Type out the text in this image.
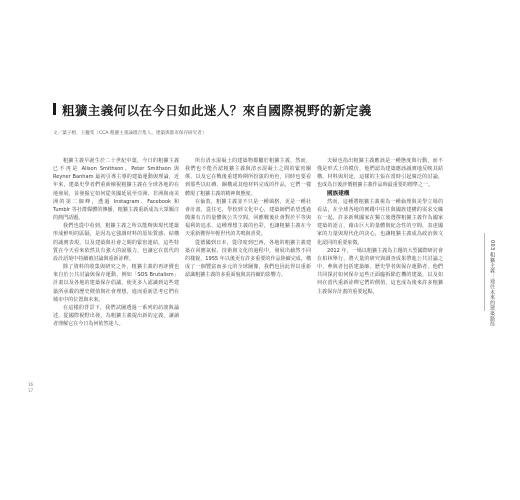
粗獷主義何以在今日如此迷人？來自國際視野的新定義
文／葉子榕、王儷雯（CCA 粗獷主義論壇召集人、建築與都市保存研究者）

粗獷主義早誕生於二十世紀中葉，今日的粗獷主義已不再是 Alison Smithson、Peter Smithson 與 Reyner Banham 最初引導主導的建築運動與理論，近年來，建築史學者們重新檢視粗獷主義在全球各地的在地發展，並發掘它如何從英國延展至亞洲、非洲與南美洲的第二個峰，透過 Instagram、Facebook 和 Tumblr 等社群媒體的傳播，粗獷主義重新成為大眾關注的熱門話題。

我們也從中看到，粗獷主義之所以能夠與現代建築形成鮮明的區隔，是因為它強調材料的原始質感、結構的誠實表現，以及建築與社會之間的緊密連結，這些特質在今天看來依然具有強大的說服力，也讓它在當代的設計語境中持續被討論與重新詮釋。

除了資料的收集與研究之外，粗獷主義的再評價也來自於公共討論與保存運動，例如「SOS Brutalism」計畫以及各地的建築保存倡議，使更多人認識到這些建築所承載的歷史價值與社會理想，進而重新思考它們在城市中的位置與未來。

在這樣的背景下，我們試圖透過一系列的訪談與論述，從國際視野出發，為粗獷主義提出新的定義，讓讀者理解它在今日為何依然迷人。

所有清水混凝土的建築物都屬於粗獷主義，然而，我們也不能否認粗獷主義與清水混凝土之間的緊密關係，以及它在戰後重建時期所扮演的角色，同時也要看到那些以紅磚、鋼構或其他材料完成的作品，它們一樣體現了粗獷主義的精神與態度。

在倫敦，粗獷主義並不只是一種風格，更是一種社會計畫，從住宅、學校到文化中心，建築師們希望透過簡潔有力的量體與公共空間，回應戰後社會對於平等與福利的追求，這種理想主義的色彩，也讓粗獷主義在今天重新獲得年輕世代的共鳴與喜愛。

從德國到日本，從印度到巴西，各地的粗獷主義建築在回應氣候、技術與文化的過程中，發展出截然不同的樣貌，1955 年以後更有許多重要的作品陸續完成，構成了一個豐富而多元的全球圖像，我們也因此得以重新認識粗獷主義的多重面貌與其持續的影響力。

夫婦也指出粗獷主義應該是一種態度與行動，而不僅是形式上的模仿，他們認為建築應該誠實地反映其結構、材料與用途，這樣的主張在當時引起廣泛的討論，也成為日後評價粗獷主義作品時最重要的標準之一。

國族建構

然而，這種將粗獷主義視為一種倫理與美學立場的看法，在全球各地的實踐中往往與國族建構的需求交織在一起，許多新興國家在獨立後選擇粗獷主義作為國家建築的語言，藉由巨大的量體與紀念性的空間，表達國家的力量與現代化的決心，也讓粗獷主義成為政治與文化認同的重要象徵。

2012 年，一場以粗獷主義為主題的大型國際研討會在柏林舉行，將大量的研究與調查成果帶進公共討論之中，參與者包括建築師、歷史學者與保存運動者，他們共同探討如何保存這些正面臨拆除危機的建築，以及如何在當代重新詮釋它們的價值，這也成為後來許多粗獷主義保存計畫的重要起點。

16
17
003 粗獷主義：通往未來的建築路徑
